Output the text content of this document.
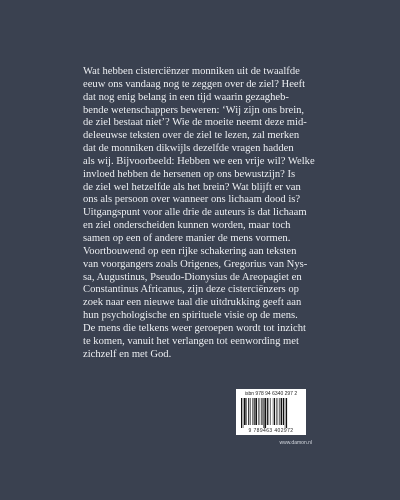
Wat hebben cisterciënzer monniken uit de twaalfde

eeuw ons vandaag nog te zeggen over de ziel? Heeft

dat nog enig belang in een tijd waarin gezaghеb-

bende wetenschappers beweren: ‘Wij zijn ons brein,

de ziel bestaat niet’? Wie de moeite neemt deze mid-

deleeuwse teksten over de ziel te lezen, zal merken

dat de monniken dikwijls dezelfde vragen hadden

als wij. Bijvoorbeeld: Hebben we een vrije wil? Welke

invloed hebben de hersenen op ons bewustzijn? Is

de ziel wel hetzelfde als het brein? Wat blijft er van

ons als persoon over wanneer ons lichaam dood is?

Uitgangspunt voor alle drie de auteurs is dat lichaam

en ziel onderscheiden kunnen worden, maar toch

samen op een of andere manier de mens vormen.

Voortbouwend op een rijke schakering aan teksten

van voorgangers zoals Origenes, Gregorius van Nys-

sa, Augustinus, Pseudo-Dionysius de Areopagiet en

Constantinus Africanus, zijn deze cisterciënzers op

zoek naar een nieuwe taal die uitdrukking geeft aan

hun psychologische en spirituele visie op de mens.

De mens die telkens weer geroepen wordt tot inzicht

te komen, vanuit het verlangen tot eenwording met

zichzelf en met God.

isbn 978 94 6340 297 2
9 789463 402972
www.damon.nl
